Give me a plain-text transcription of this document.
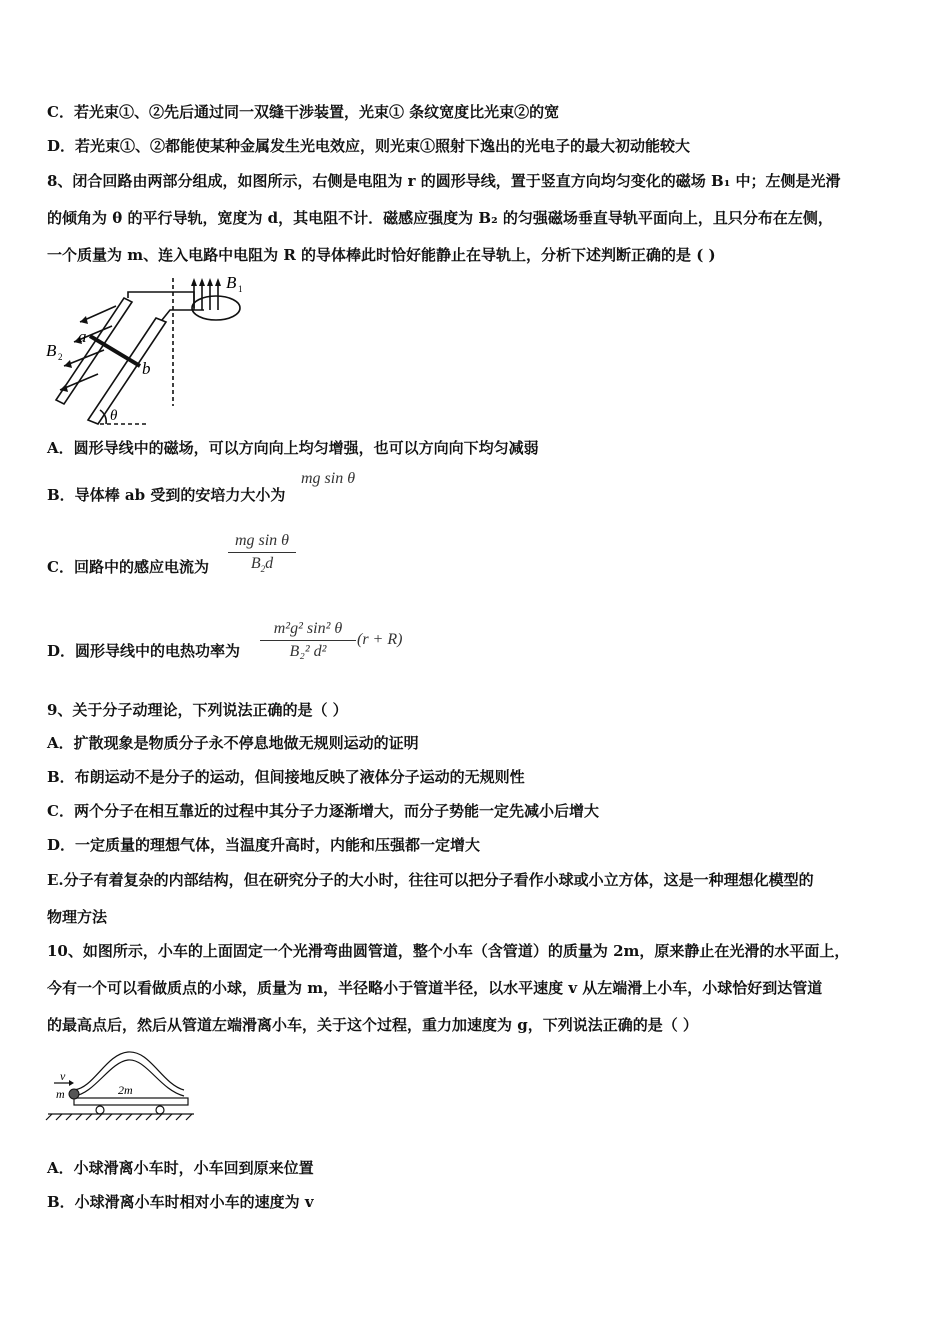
C．若光束①、②先后通过同一双缝干涉装置，光束① 条纹宽度比光束②的宽
D．若光束①、②都能使某种金属发生光电效应，则光束①照射下逸出的光电子的最大初动能较大
8、闭合回路由两部分组成，如图所示，右侧是电阻为 r 的圆形导线，置于竖直方向均匀变化的磁场 B₁ 中；左侧是光滑
的倾角为 θ 的平行导轨，宽度为 d，其电阻不计．磁感应强度为 B₂ 的匀强磁场垂直导轨平面向上，且只分布在左侧，
一个质量为 m、连入电路中电阻为 R 的导体棒此时恰好能静止在导轨上，分析下述判断正确的是 ( )
B 1
B 2
a
b
θ
A．圆形导线中的磁场，可以方向向上均匀增强，也可以方向向下均匀减弱
B．导体棒 ab 受到的安培力大小为
mg sin θ
C．回路中的感应电流为
mg sin θ
$B_2d$
D．圆形导线中的电热功率为
m²g² sin² θ
B₂² d²
(r + R)
9、关于分子动理论，下列说法正确的是（ ）
A．扩散现象是物质分子永不停息地做无规则运动的证明
B．布朗运动不是分子的运动，但间接地反映了液体分子运动的无规则性
C．两个分子在相互靠近的过程中其分子力逐渐增大，而分子势能一定先减小后增大
D．一定质量的理想气体，当温度升高时，内能和压强都一定增大
E.分子有着复杂的内部结构，但在研究分子的大小时，往往可以把分子看作小球或小立方体，这是一种理想化模型的
物理方法
10、如图所示，小车的上面固定一个光滑弯曲圆管道，整个小车（含管道）的质量为 2m，原来静止在光滑的水平面上，
今有一个可以看做质点的小球，质量为 m，半径略小于管道半径，以水平速度 v 从左端滑上小车，小球恰好到达管道
的最高点后，然后从管道左端滑离小车，关于这个过程，重力加速度为 g，下列说法正确的是（ ）
v
m	2m
A．小球滑离小车时，小车回到原来位置
B．小球滑离小车时相对小车的速度为 v
